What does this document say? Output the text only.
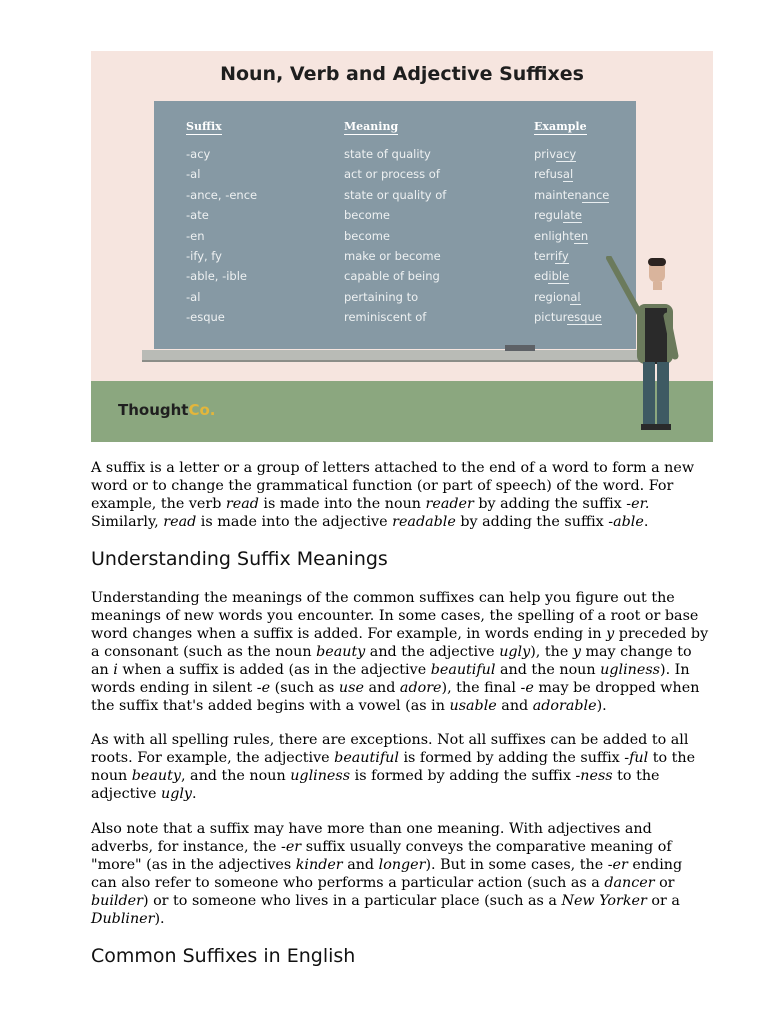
Noun, Verb and Adjective Suffixes
Suffix	Meaning	Example
-acy	state of quality	privacy
-al	act or process of	refusal
-ance, -ence	state or quality of	maintenance
-ate	become	regulate
-en	become	enlighten
-ify, fy	make or become	terrify
-able, -ible	capable of being	edible
-al	pertaining to	regional
-esque	reminiscent of	picturesque
ThoughtCo.

A suffix is a letter or a group of letters attached to the end of a word to form a new word or to change the grammatical function (or part of speech) of the word. For example, the verb read is made into the noun reader by adding the suffix -er. Similarly, read is made into the adjective readable by adding the suffix -able.

Understanding Suffix Meanings

Understanding the meanings of the common suffixes can help you figure out the meanings of new words you encounter. In some cases, the spelling of a root or base word changes when a suffix is added. For example, in words ending in y preceded by a consonant (such as the noun beauty and the adjective ugly), the y may change to an i when a suffix is added (as in the adjective beautiful and the noun ugliness). In words ending in silent -e (such as use and adore), the final -e may be dropped when the suffix that's added begins with a vowel (as in usable and adorable).

As with all spelling rules, there are exceptions. Not all suffixes can be added to all roots. For example, the adjective beautiful is formed by adding the suffix -ful to the noun beauty, and the noun ugliness is formed by adding the suffix -ness to the adjective ugly.

Also note that a suffix may have more than one meaning. With adjectives and adverbs, for instance, the -er suffix usually conveys the comparative meaning of "more" (as in the adjectives kinder and longer). But in some cases, the -er ending can also refer to someone who performs a particular action (such as a dancer or builder) or to someone who lives in a particular place (such as a New Yorker or a Dubliner).

Common Suffixes in English
